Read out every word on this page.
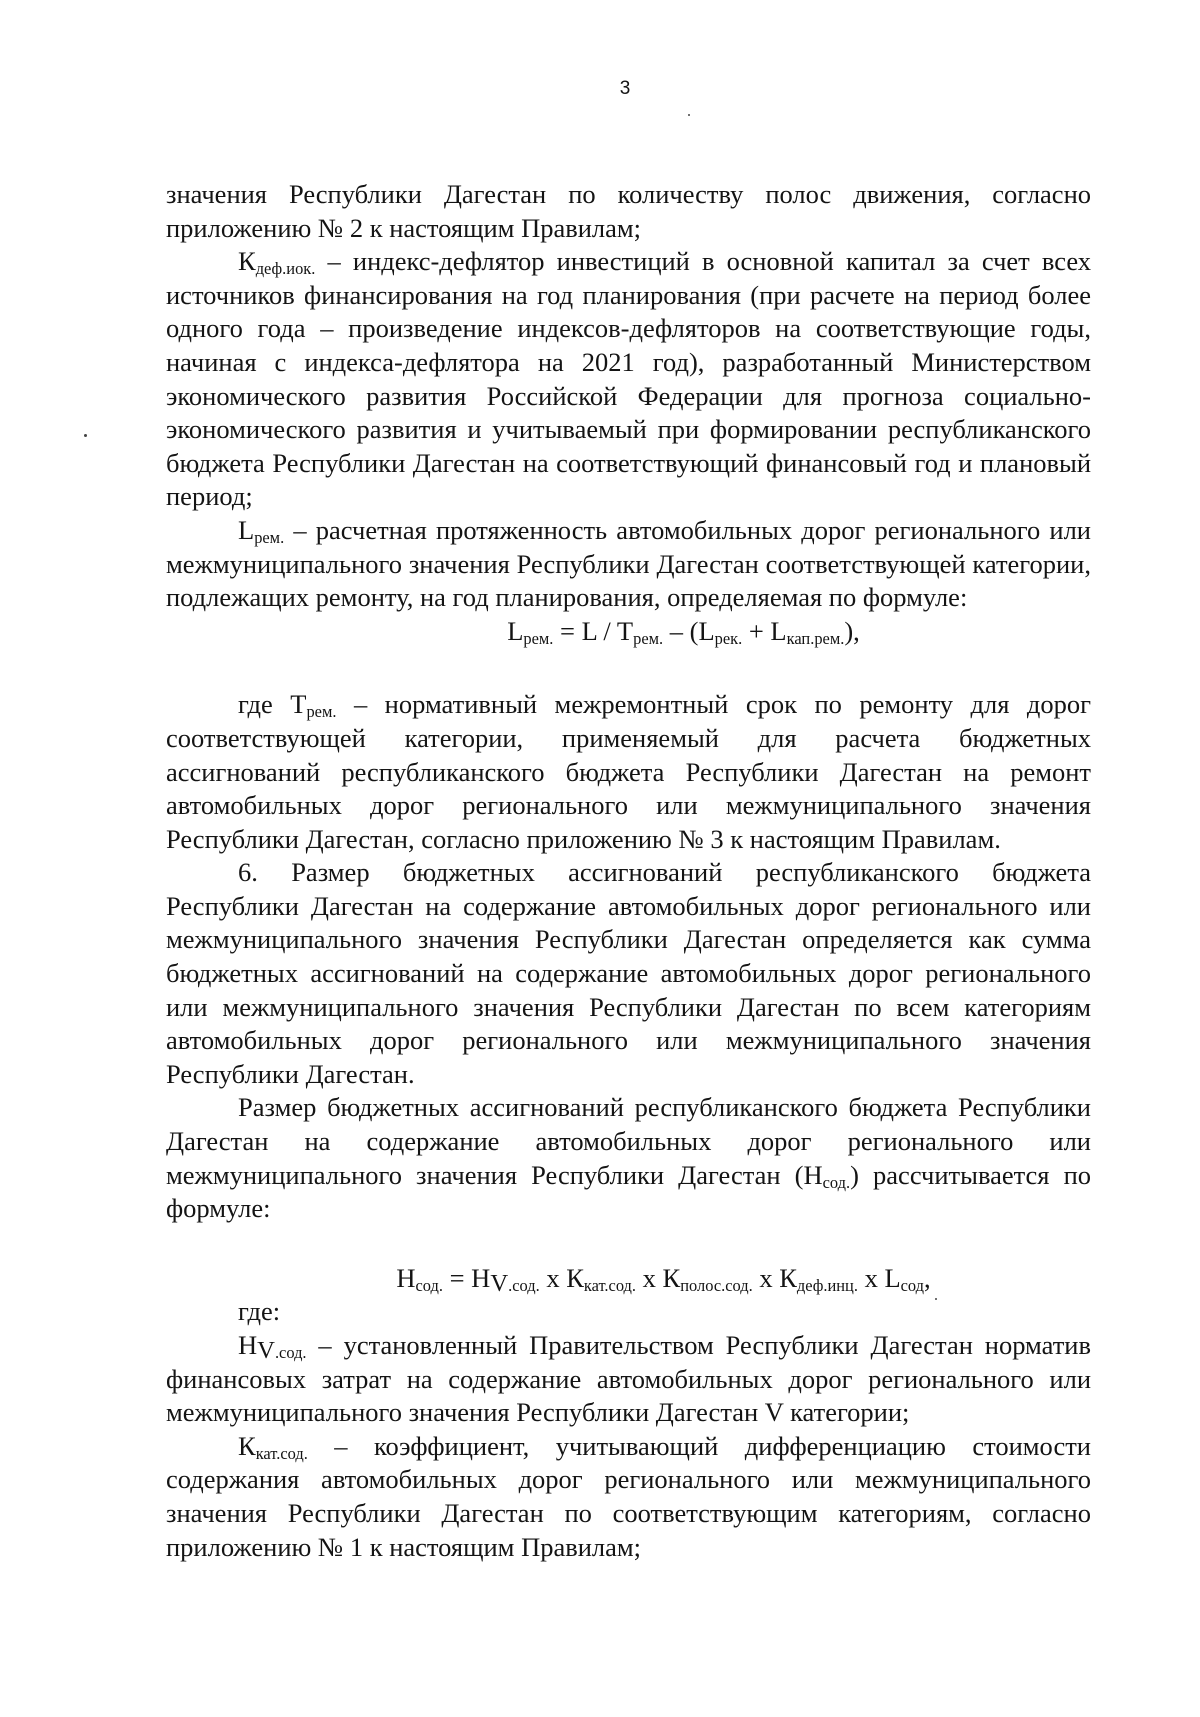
3

значения Республики Дагестан по количеству полос движения, согласно приложению № 2 к настоящим Правилам;

$К_{деф.иок.}$ – индекс-дефлятор инвестиций в основной капитал за счет всех источников финансирования на год планирования (при расчете на период более одного года – произведение индексов-дефляторов на соответствующие годы, начиная с индекса-дефлятора на 2021 год), разработанный Министерством экономического развития Российской Федерации для прогноза социально-экономического развития и учитываемый при формировании республиканского бюджета Республики Дагестан на соответствующий финансовый год и плановый период;

$L_{рем.}$ – расчетная протяженность автомобильных дорог регионального или межмуниципального значения Республики Дагестан соответствующей категории, подлежащих ремонту, на год планирования, определяемая по формуле:

$L_{рем.} = L / T_{рем.} - (L_{рек.} + L_{кап.рем.})$,

где $Т_{рем.}$ – нормативный межремонтный срок по ремонту для дорог соответствующей категории, применяемый для расчета бюджетных ассигнований республиканского бюджета Республики Дагестан на ремонт автомобильных дорог регионального или межмуниципального значения Республики Дагестан, согласно приложению № 3 к настоящим Правилам.

6. Размер бюджетных ассигнований республиканского бюджета Республики Дагестан на содержание автомобильных дорог регионального или межмуниципального значения Республики Дагестан определяется как сумма бюджетных ассигнований на содержание автомобильных дорог регионального или межмуниципального значения Республики Дагестан по всем категориям автомобильных дорог регионального или межмуниципального значения Республики Дагестан.

Размер бюджетных ассигнований республиканского бюджета Республики Дагестан на содержание автомобильных дорог регионального или межмуниципального значения Республики Дагестан $(Н_{сод.})$ рассчитывается по формуле:

$Н_{сод.} = Н_{V.сод.}$ x $К_{кат.сод.}$ x $К_{полос.сод.}$ x $К_{деф.инц.}$ x $L_{сод}$,

где:

$Н_{V.сод.}$ – установленный Правительством Республики Дагестан норматив финансовых затрат на содержание автомобильных дорог регионального или межмуниципального значения Республики Дагестан V категории;

$К_{кат.сод.}$ – коэффициент, учитывающий дифференциацию стоимости содержания автомобильных дорог регионального или межмуниципального значения Республики Дагестан по соответствующим категориям, согласно приложению № 1 к настоящим Правилам;
